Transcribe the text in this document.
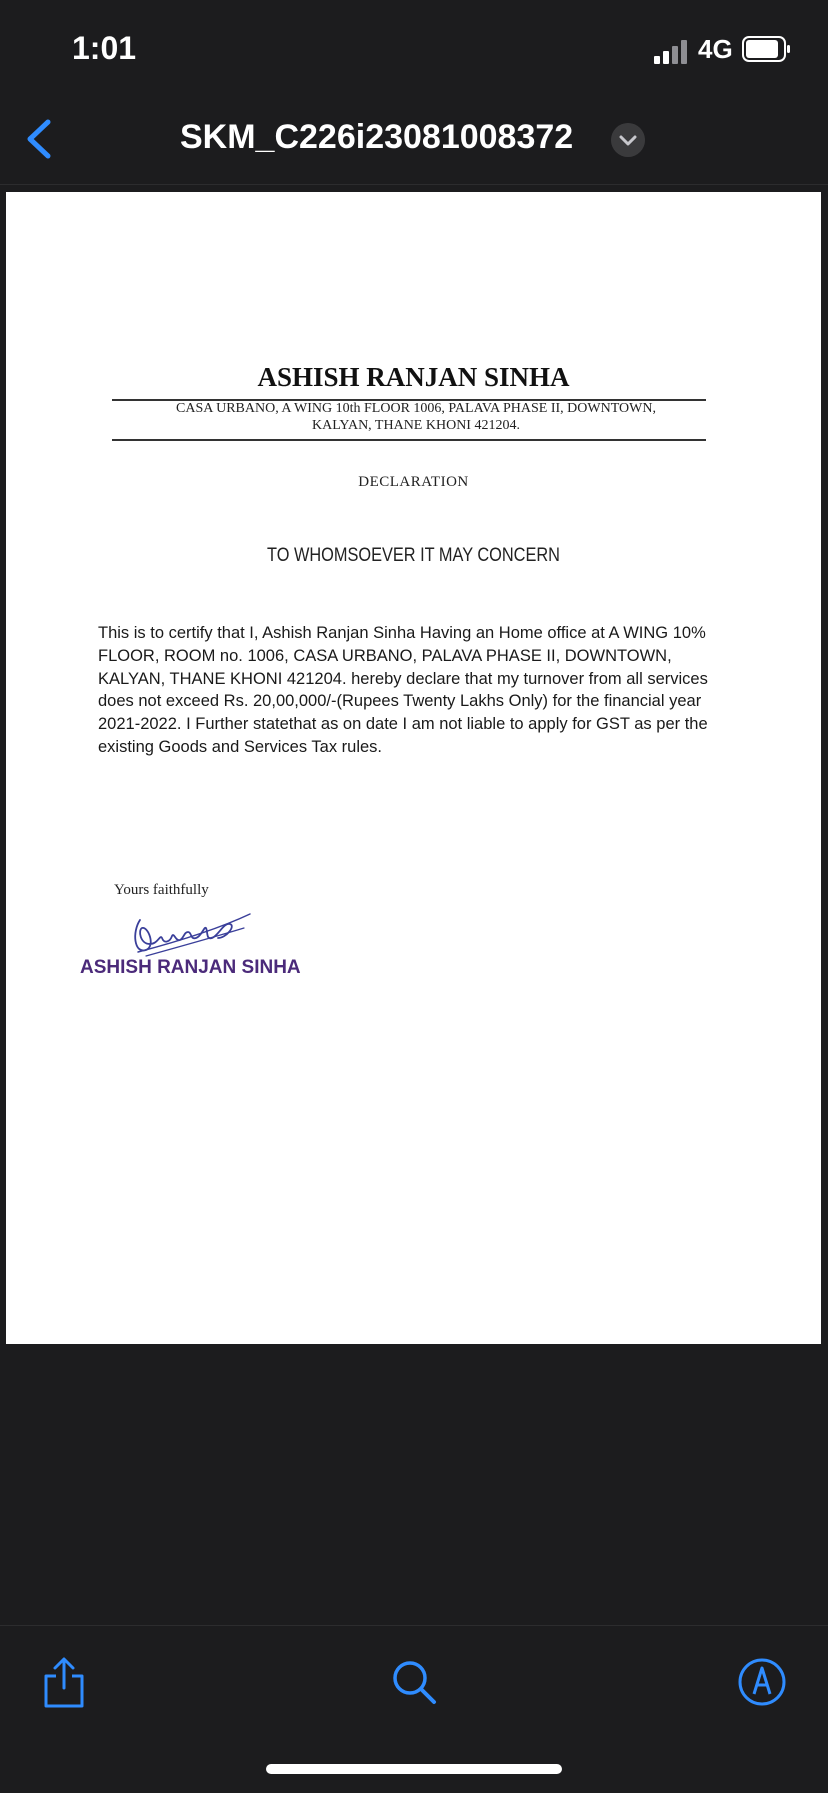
1:01	4G
SKM_C226i23081008372
ASHISH RANJAN SINHA
CASA URBANO, A WING 10th FLOOR 1006, PALAVA PHASE II, DOWNTOWN,
KALYAN, THANE KHONI 421204.
DECLARATION
TO WHOMSOEVER IT MAY CONCERN
This is to certify that I, Ashish Ranjan Sinha Having an Home office at A WING 10% FLOOR, ROOM no. 1006, CASA URBANO, PALAVA PHASE II, DOWNTOWN, KALYAN, THANE KHONI 421204. hereby declare that my turnover from all services does not exceed Rs. 20,00,000/-(Rupees Twenty Lakhs Only) for the financial year 2021-2022. I Further statethat as on date I am not liable to apply for GST as per the existing Goods and Services Tax rules.
Yours faithfully
ASHISH RANJAN SINHA
